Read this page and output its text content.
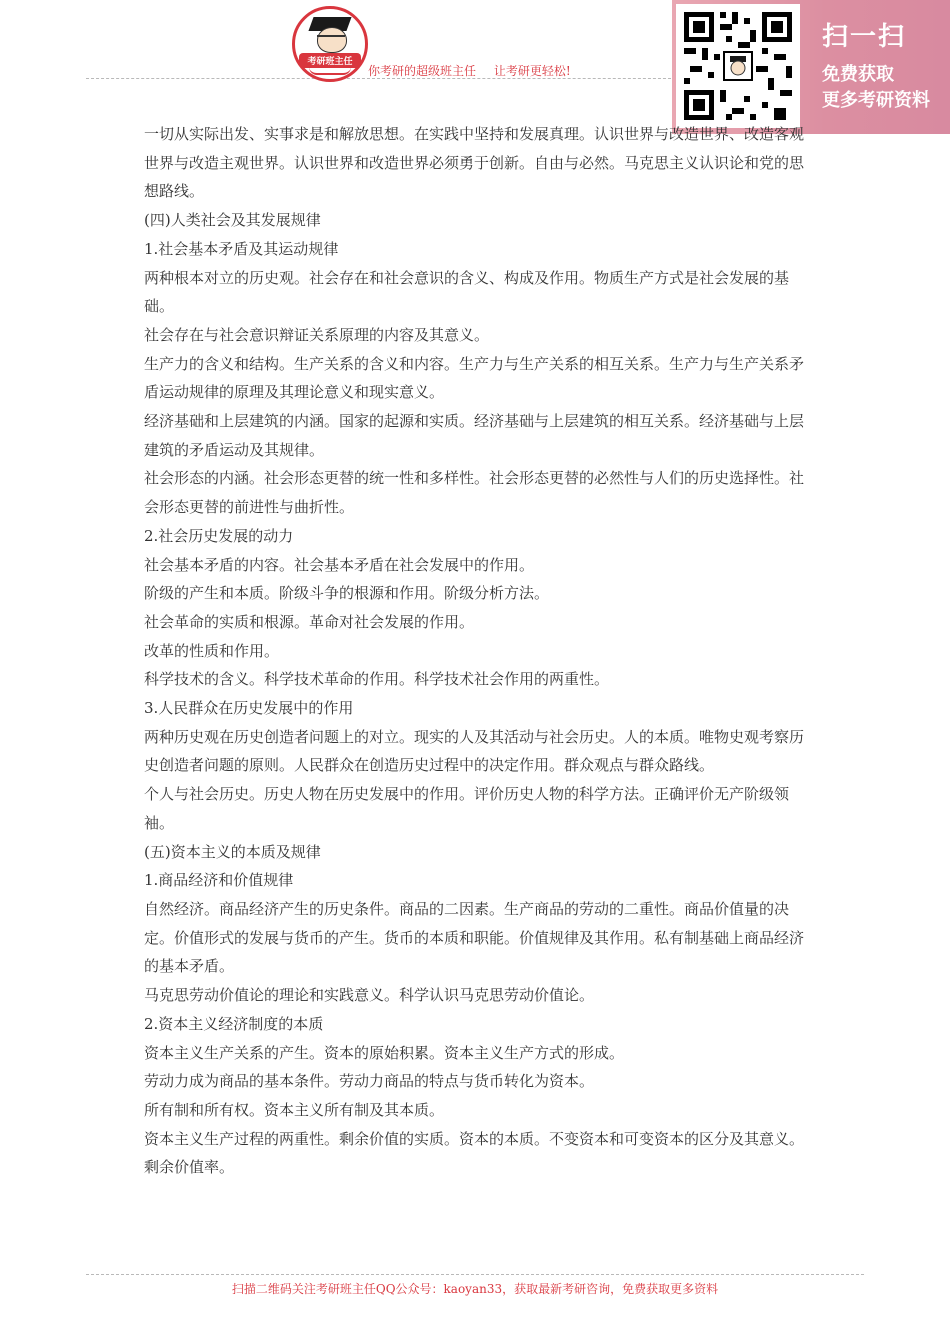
考研班主任
你考研的超级班主任 让考研更轻松!
扫一扫
免费获取
更多考研资料

一切从实际出发、实事求是和解放思想。在实践中坚持和发展真理。认识世界与改造世界、改造客观世界与改造主观世界。认识世界和改造世界必须勇于创新。自由与必然。马克思主义认识论和党的思想路线。

(四)人类社会及其发展规律

1.社会基本矛盾及其运动规律

两种根本对立的历史观。社会存在和社会意识的含义、构成及作用。物质生产方式是社会发展的基础。

社会存在与社会意识辩证关系原理的内容及其意义。

生产力的含义和结构。生产关系的含义和内容。生产力与生产关系的相互关系。生产力与生产关系矛盾运动规律的原理及其理论意义和现实意义。

经济基础和上层建筑的内涵。国家的起源和实质。经济基础与上层建筑的相互关系。经济基础与上层建筑的矛盾运动及其规律。

社会形态的内涵。社会形态更替的统一性和多样性。社会形态更替的必然性与人们的历史选择性。社会形态更替的前进性与曲折性。

2.社会历史发展的动力

社会基本矛盾的内容。社会基本矛盾在社会发展中的作用。

阶级的产生和本质。阶级斗争的根源和作用。阶级分析方法。

社会革命的实质和根源。革命对社会发展的作用。

改革的性质和作用。

科学技术的含义。科学技术革命的作用。科学技术社会作用的两重性。

3.人民群众在历史发展中的作用

两种历史观在历史创造者问题上的对立。现实的人及其活动与社会历史。人的本质。唯物史观考察历史创造者问题的原则。人民群众在创造历史过程中的决定作用。群众观点与群众路线。

个人与社会历史。历史人物在历史发展中的作用。评价历史人物的科学方法。正确评价无产阶级领袖。

(五)资本主义的本质及规律

1.商品经济和价值规律

自然经济。商品经济产生的历史条件。商品的二因素。生产商品的劳动的二重性。商品价值量的决定。价值形式的发展与货币的产生。货币的本质和职能。价值规律及其作用。私有制基础上商品经济的基本矛盾。

马克思劳动价值论的理论和实践意义。科学认识马克思劳动价值论。

2.资本主义经济制度的本质

资本主义生产关系的产生。资本的原始积累。资本主义生产方式的形成。

劳动力成为商品的基本条件。劳动力商品的特点与货币转化为资本。

所有制和所有权。资本主义所有制及其本质。

资本主义生产过程的两重性。剩余价值的实质。资本的本质。不变资本和可变资本的区分及其意义。剩余价值率。

扫描二维码关注考研班主任QQ公众号：kaoyan33，获取最新考研咨询，免费获取更多资料
